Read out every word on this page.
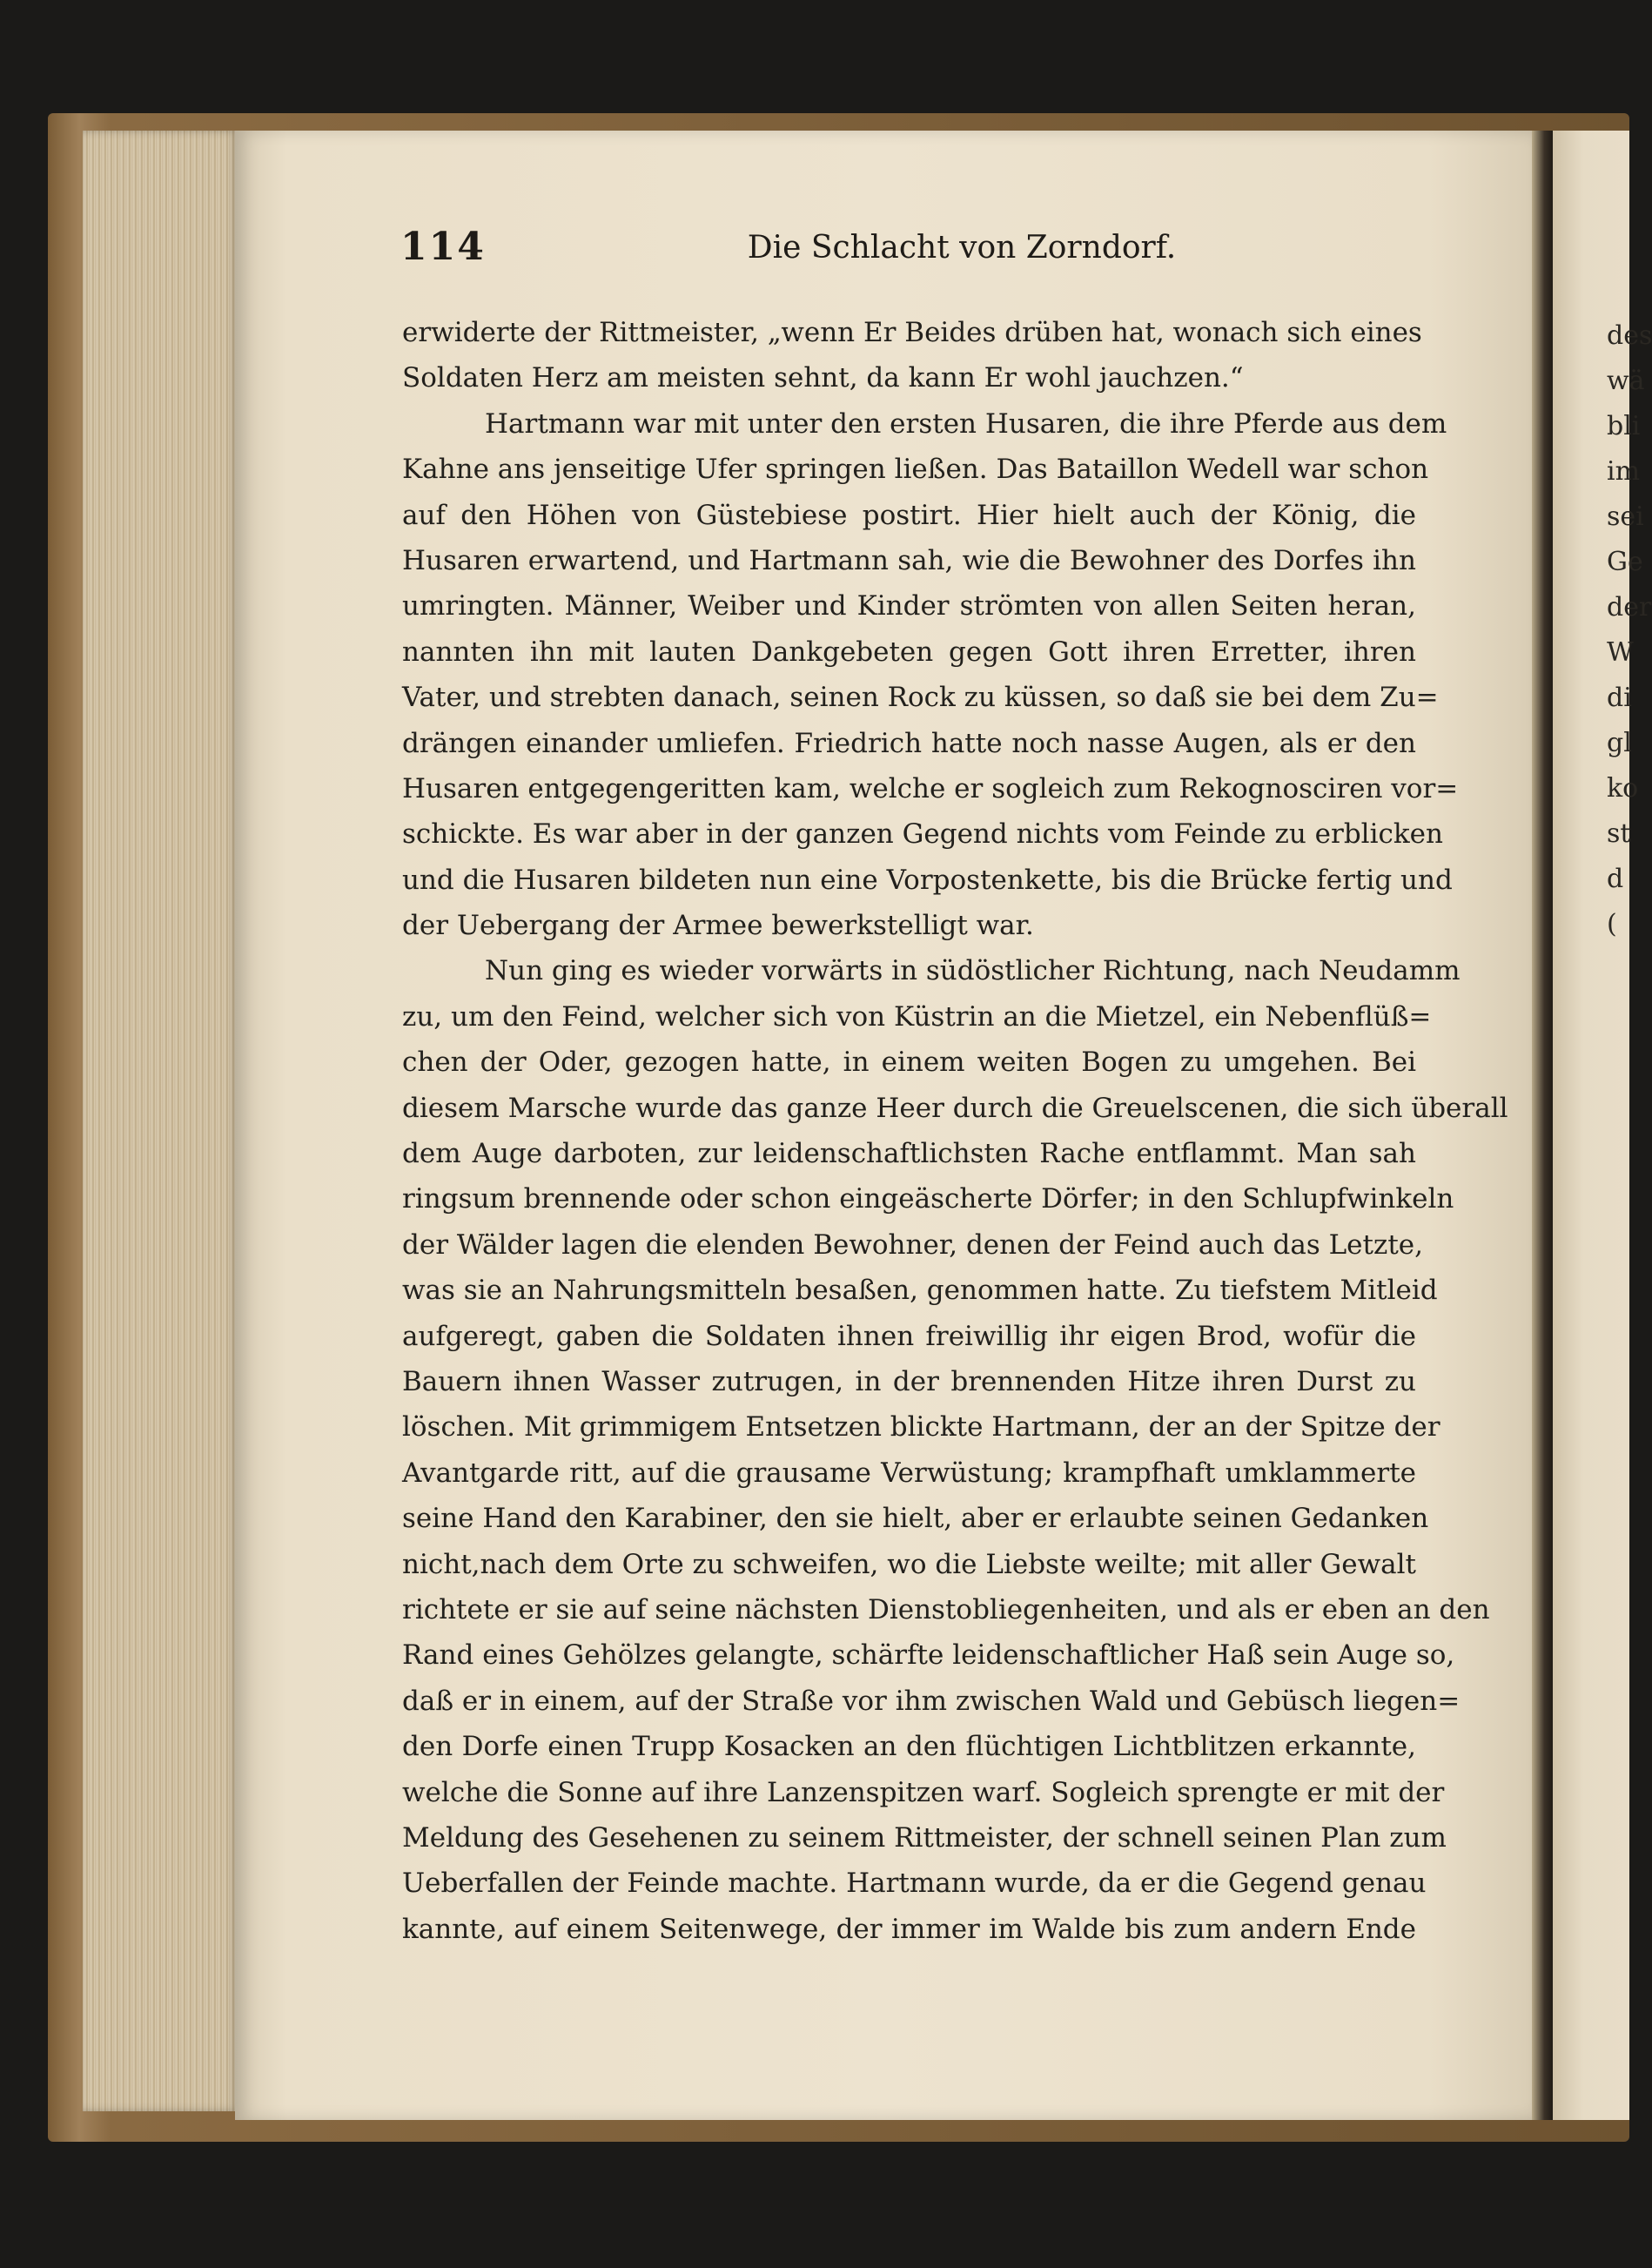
des
wä
bli
im
sei
Ge
der
W
di
gl
ko
st
d
(
114	Die Schlacht von Zorndorf.
erwiderte der Rittmeister, „wenn Er Beides drüben hat, wonach sich eines
Soldaten Herz am meisten sehnt, da kann Er wohl jauchzen.“
Hartmann war mit unter den ersten Husaren, die ihre Pferde aus dem
Kahne ans jenseitige Ufer springen ließen. Das Bataillon Wedell war schon
auf den Höhen von Güstebiese postirt. Hier hielt auch der König, die
Husaren erwartend, und Hartmann sah, wie die Bewohner des Dorfes ihn
umringten. Männer, Weiber und Kinder strömten von allen Seiten heran,
nannten ihn mit lauten Dankgebeten gegen Gott ihren Erretter, ihren
Vater, und strebten danach, seinen Rock zu küssen, so daß sie bei dem Zu=
drängen einander umliefen. Friedrich hatte noch nasse Augen, als er den
Husaren entgegengeritten kam, welche er sogleich zum Rekognosciren vor=
schickte. Es war aber in der ganzen Gegend nichts vom Feinde zu erblicken
und die Husaren bildeten nun eine Vorpostenkette, bis die Brücke fertig und
der Uebergang der Armee bewerkstelligt war.
Nun ging es wieder vorwärts in südöstlicher Richtung, nach Neudamm
zu, um den Feind, welcher sich von Küstrin an die Mietzel, ein Nebenflüß=
chen der Oder, gezogen hatte, in einem weiten Bogen zu umgehen. Bei
diesem Marsche wurde das ganze Heer durch die Greuelscenen, die sich überall
dem Auge darboten, zur leidenschaftlichsten Rache entflammt. Man sah
ringsum brennende oder schon eingeäscherte Dörfer; in den Schlupfwinkeln
der Wälder lagen die elenden Bewohner, denen der Feind auch das Letzte,
was sie an Nahrungsmitteln besaßen, genommen hatte. Zu tiefstem Mitleid
aufgeregt, gaben die Soldaten ihnen freiwillig ihr eigen Brod, wofür die
Bauern ihnen Wasser zutrugen, in der brennenden Hitze ihren Durst zu
löschen. Mit grimmigem Entsetzen blickte Hartmann, der an der Spitze der
Avantgarde ritt, auf die grausame Verwüstung; krampfhaft umklammerte
seine Hand den Karabiner, den sie hielt, aber er erlaubte seinen Gedanken
nicht,nach dem Orte zu schweifen, wo die Liebste weilte; mit aller Gewalt
richtete er sie auf seine nächsten Dienstobliegenheiten, und als er eben an den
Rand eines Gehölzes gelangte, schärfte leidenschaftlicher Haß sein Auge so,
daß er in einem, auf der Straße vor ihm zwischen Wald und Gebüsch liegen=
den Dorfe einen Trupp Kosacken an den flüchtigen Lichtblitzen erkannte,
welche die Sonne auf ihre Lanzenspitzen warf. Sogleich sprengte er mit der
Meldung des Gesehenen zu seinem Rittmeister, der schnell seinen Plan zum
Ueberfallen der Feinde machte. Hartmann wurde, da er die Gegend genau
kannte, auf einem Seitenwege, der immer im Walde bis zum andern Ende
